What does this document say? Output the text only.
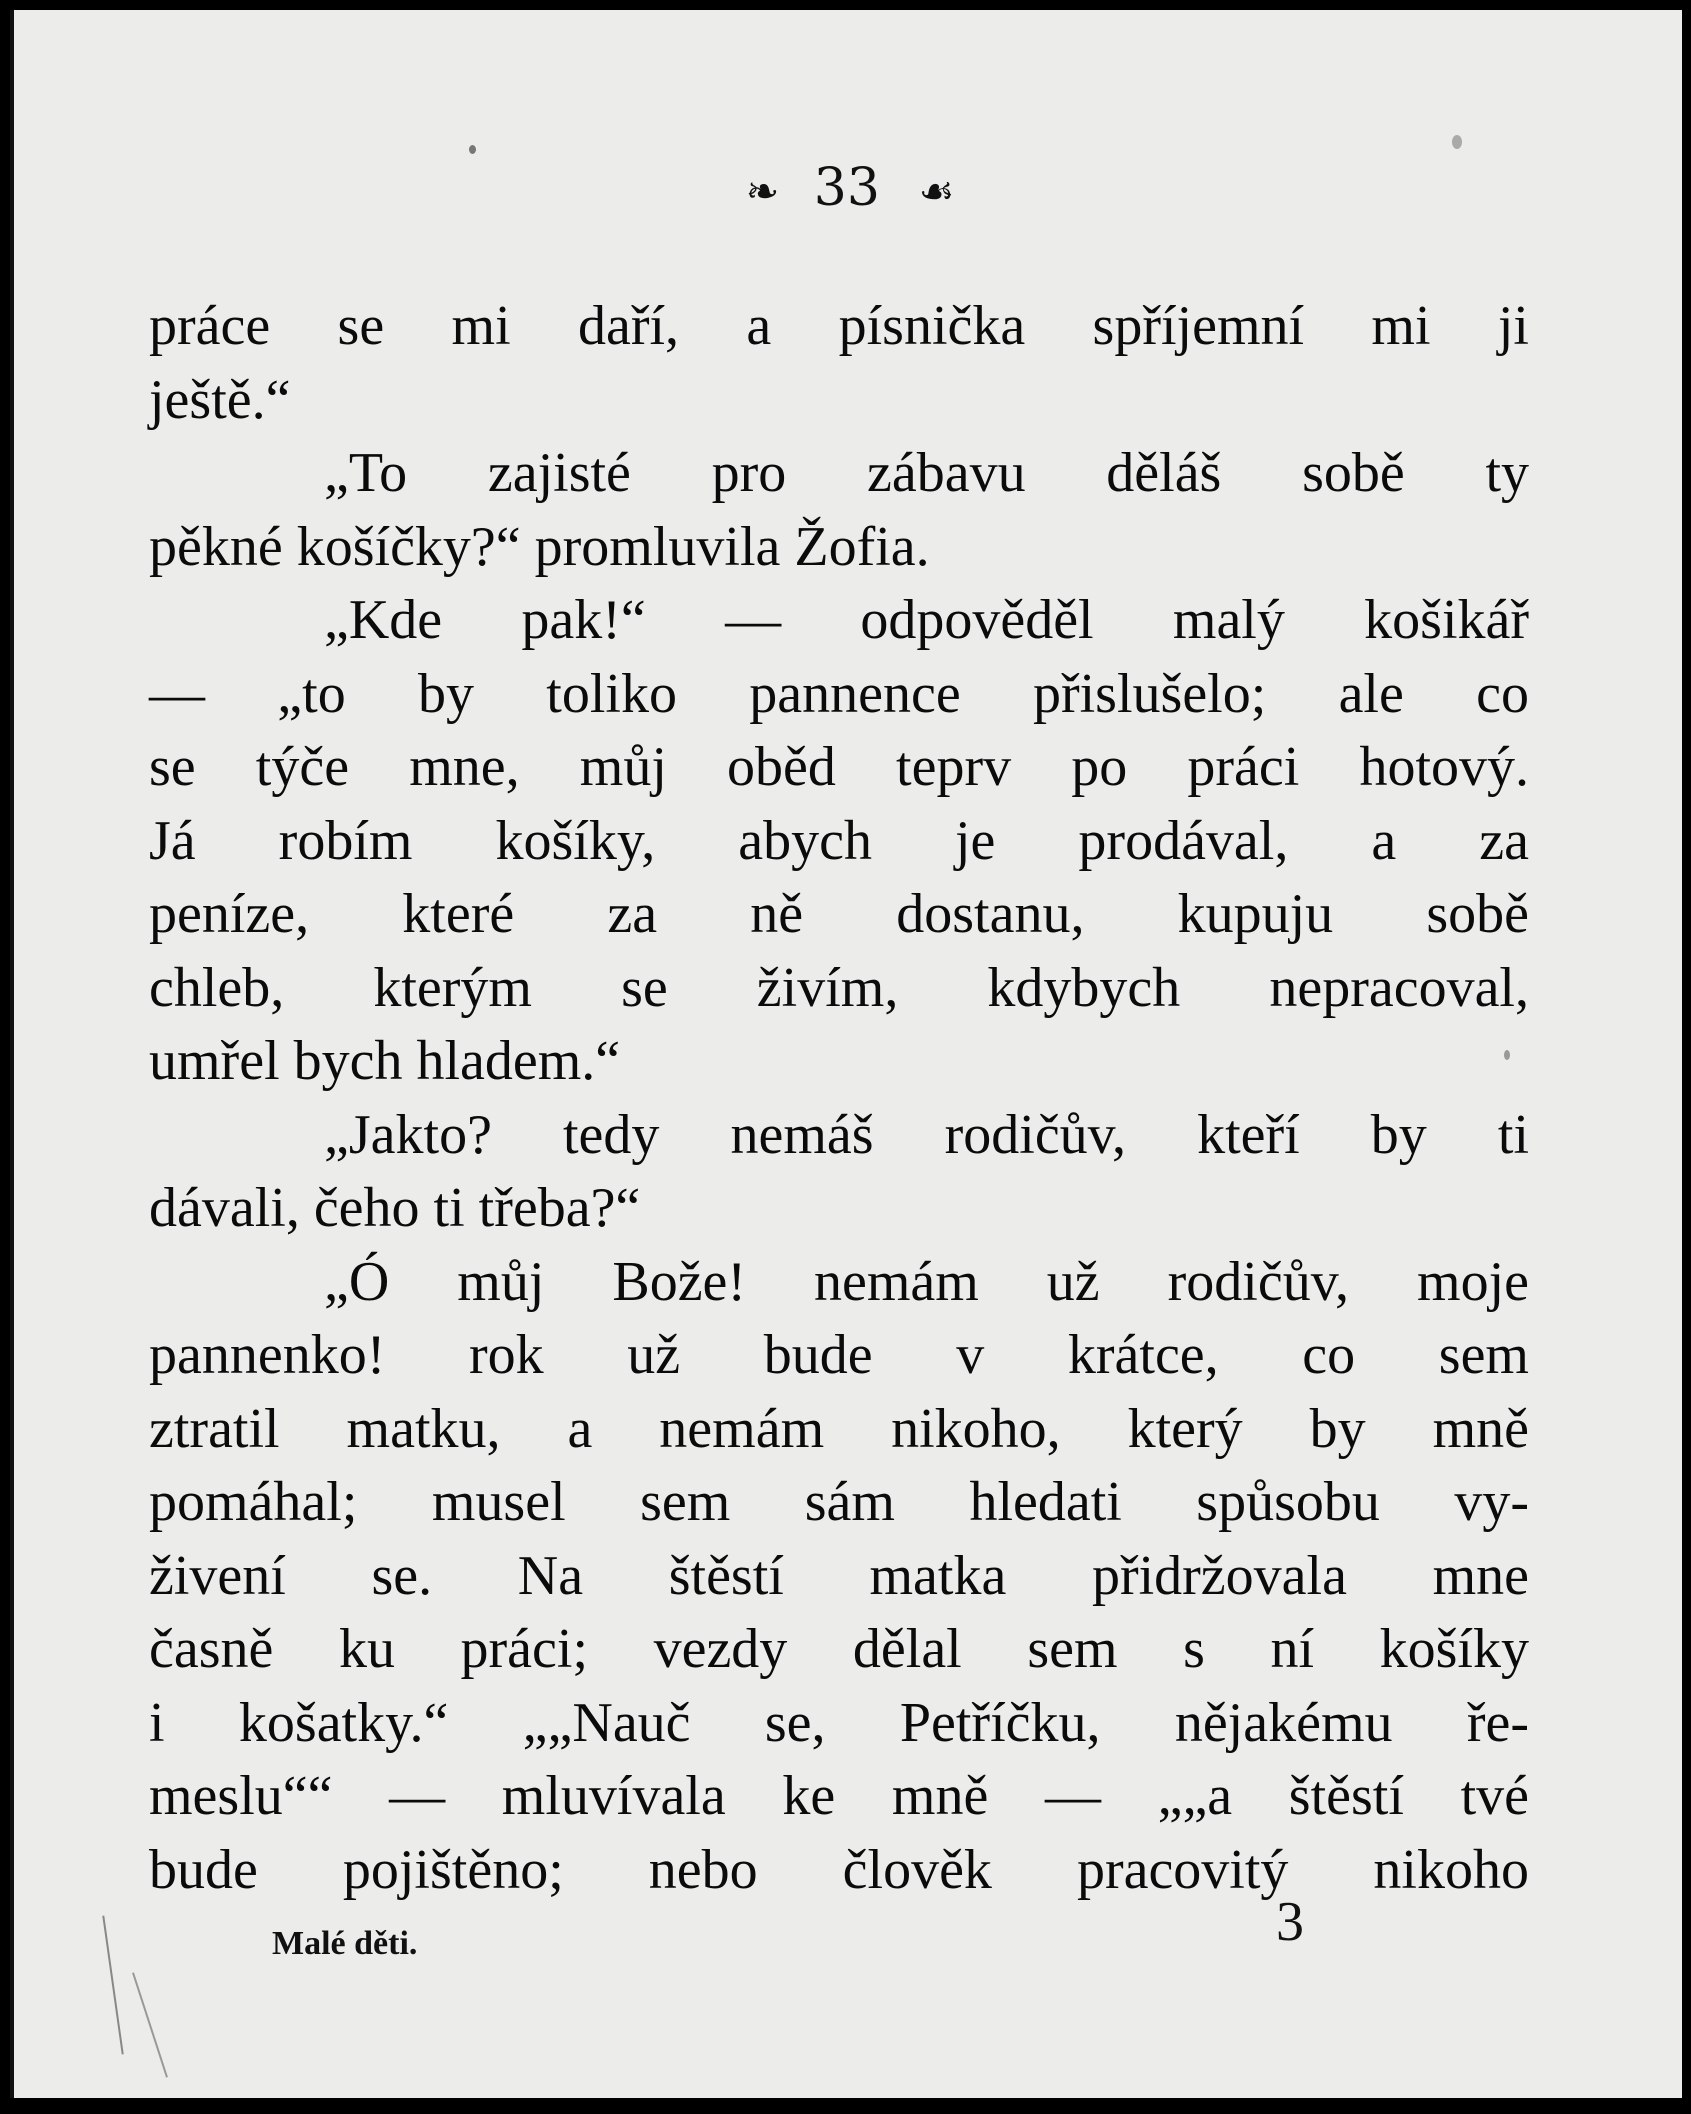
❧ 33 ☙
práce se mi daří, a písnička spříjemní mi ji
ještě.“
„To zajisté pro zábavu děláš sobě ty
pěkné košíčky?“ promluvila Žofia.
„Kde pak!“ — odpověděl malý košikář
— „to by toliko pannence přislušelo; ale co
se týče mne, můj oběd teprv po práci hotový.
Já robím košíky, abych je prodával, a za
peníze, které za ně dostanu, kupuju sobě
chleb, kterým se živím, kdybych nepracoval,
umřel bych hladem.“
„Jakto? tedy nemáš rodičův, kteří by ti
dávali, čeho ti třeba?“
„Ó můj Bože! nemám už rodičův, moje
pannenko! rok už bude v krátce, co sem
ztratil matku, a nemám nikoho, který by mně
pomáhal; musel sem sám hledati spůsobu vy-
živení se. Na štěstí matka přidržovala mne
časně ku práci; vezdy dělal sem s ní košíky
i košatky.“ „„Nauč se, Petříčku, nějakému ře-
meslu““ — mluvívala ke mně — „„a štěstí tvé
bude pojištěno; nebo člověk pracovitý nikoho
Malé děti.	3
